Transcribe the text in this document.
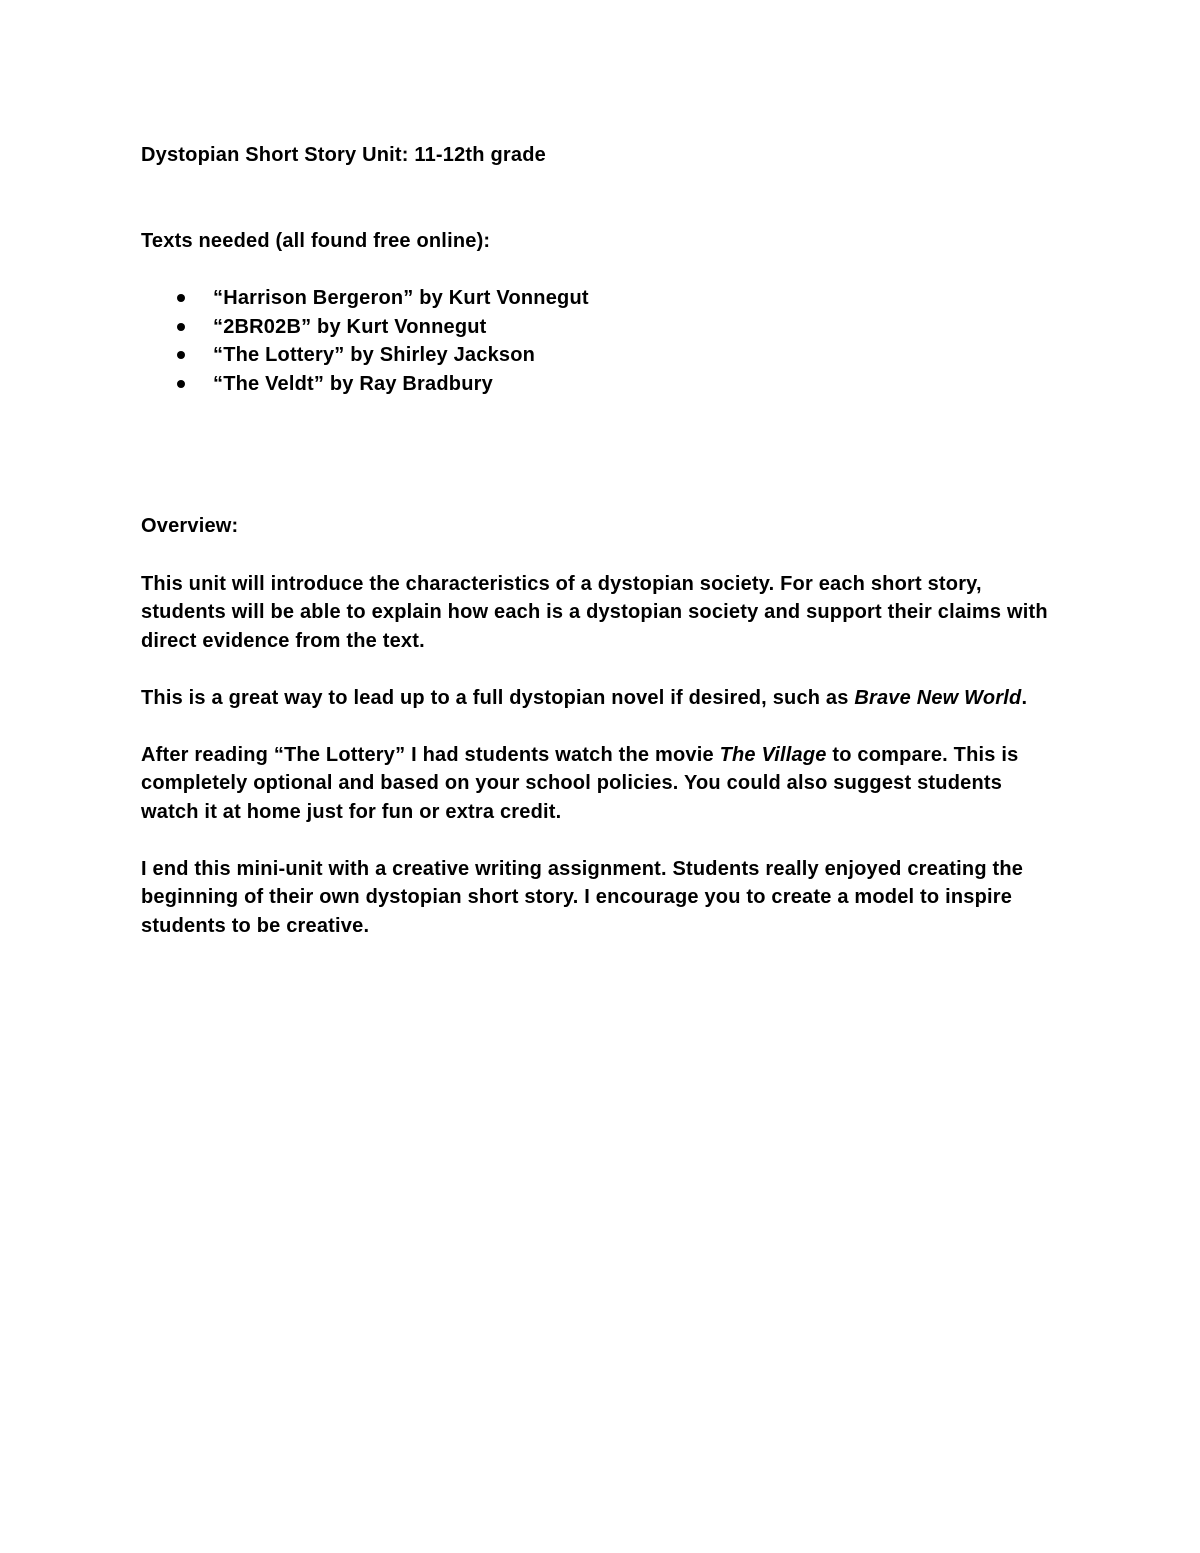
Dystopian Short Story Unit: 11-12th grade

Texts needed (all found free online):

“Harrison Bergeron” by Kurt Vonnegut
“2BR02B” by Kurt Vonnegut
“The Lottery” by Shirley Jackson
“The Veldt” by Ray Bradbury

Overview:

This unit will introduce the characteristics of a dystopian society. For each short story, students will be able to explain how each is a dystopian society and support their claims with direct evidence from the text.

This is a great way to lead up to a full dystopian novel if desired, such as Brave New World.

After reading “The Lottery” I had students watch the movie The Village to compare. This is completely optional and based on your school policies. You could also suggest students watch it at home just for fun or extra credit.

I end this mini-unit with a creative writing assignment. Students really enjoyed creating the beginning of their own dystopian short story. I encourage you to create a model to inspire students to be creative.
